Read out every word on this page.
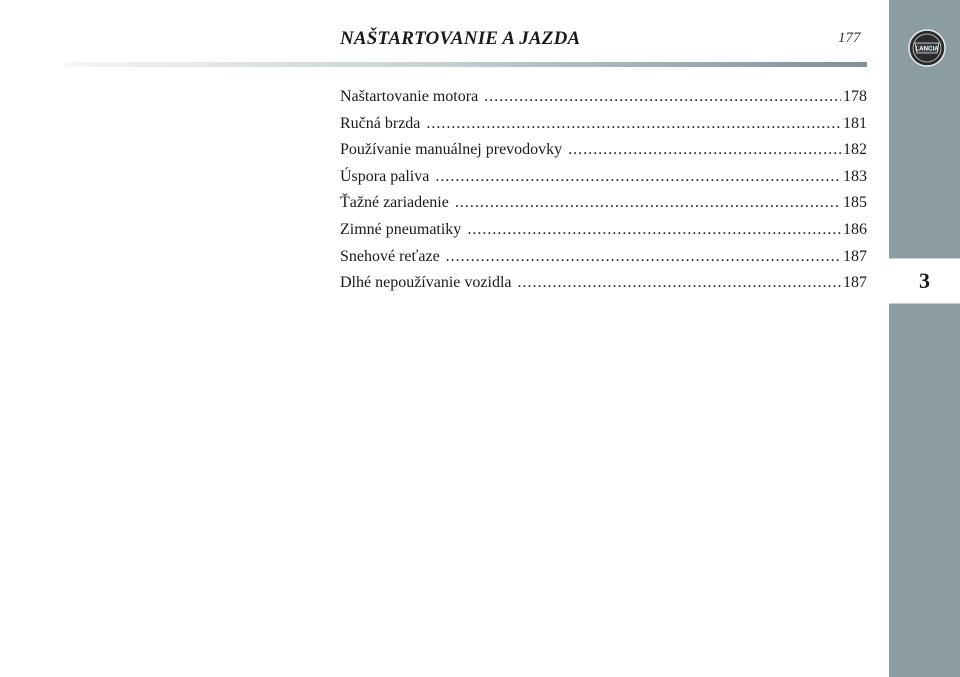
NAŠTARTOVANIE A JAZDA	177
LANCIA
3
Naštartovanie motora .....	178
Ručná brzda .....	181
Používanie manuálnej prevodovky .....	182
Úspora paliva .....	183
Ťažné zariadenie .....	185
Zimné pneumatiky .....	186
Snehové reťaze .....	187
Dlhé nepoužívanie vozidla .....	187
carmanualsonline.info
